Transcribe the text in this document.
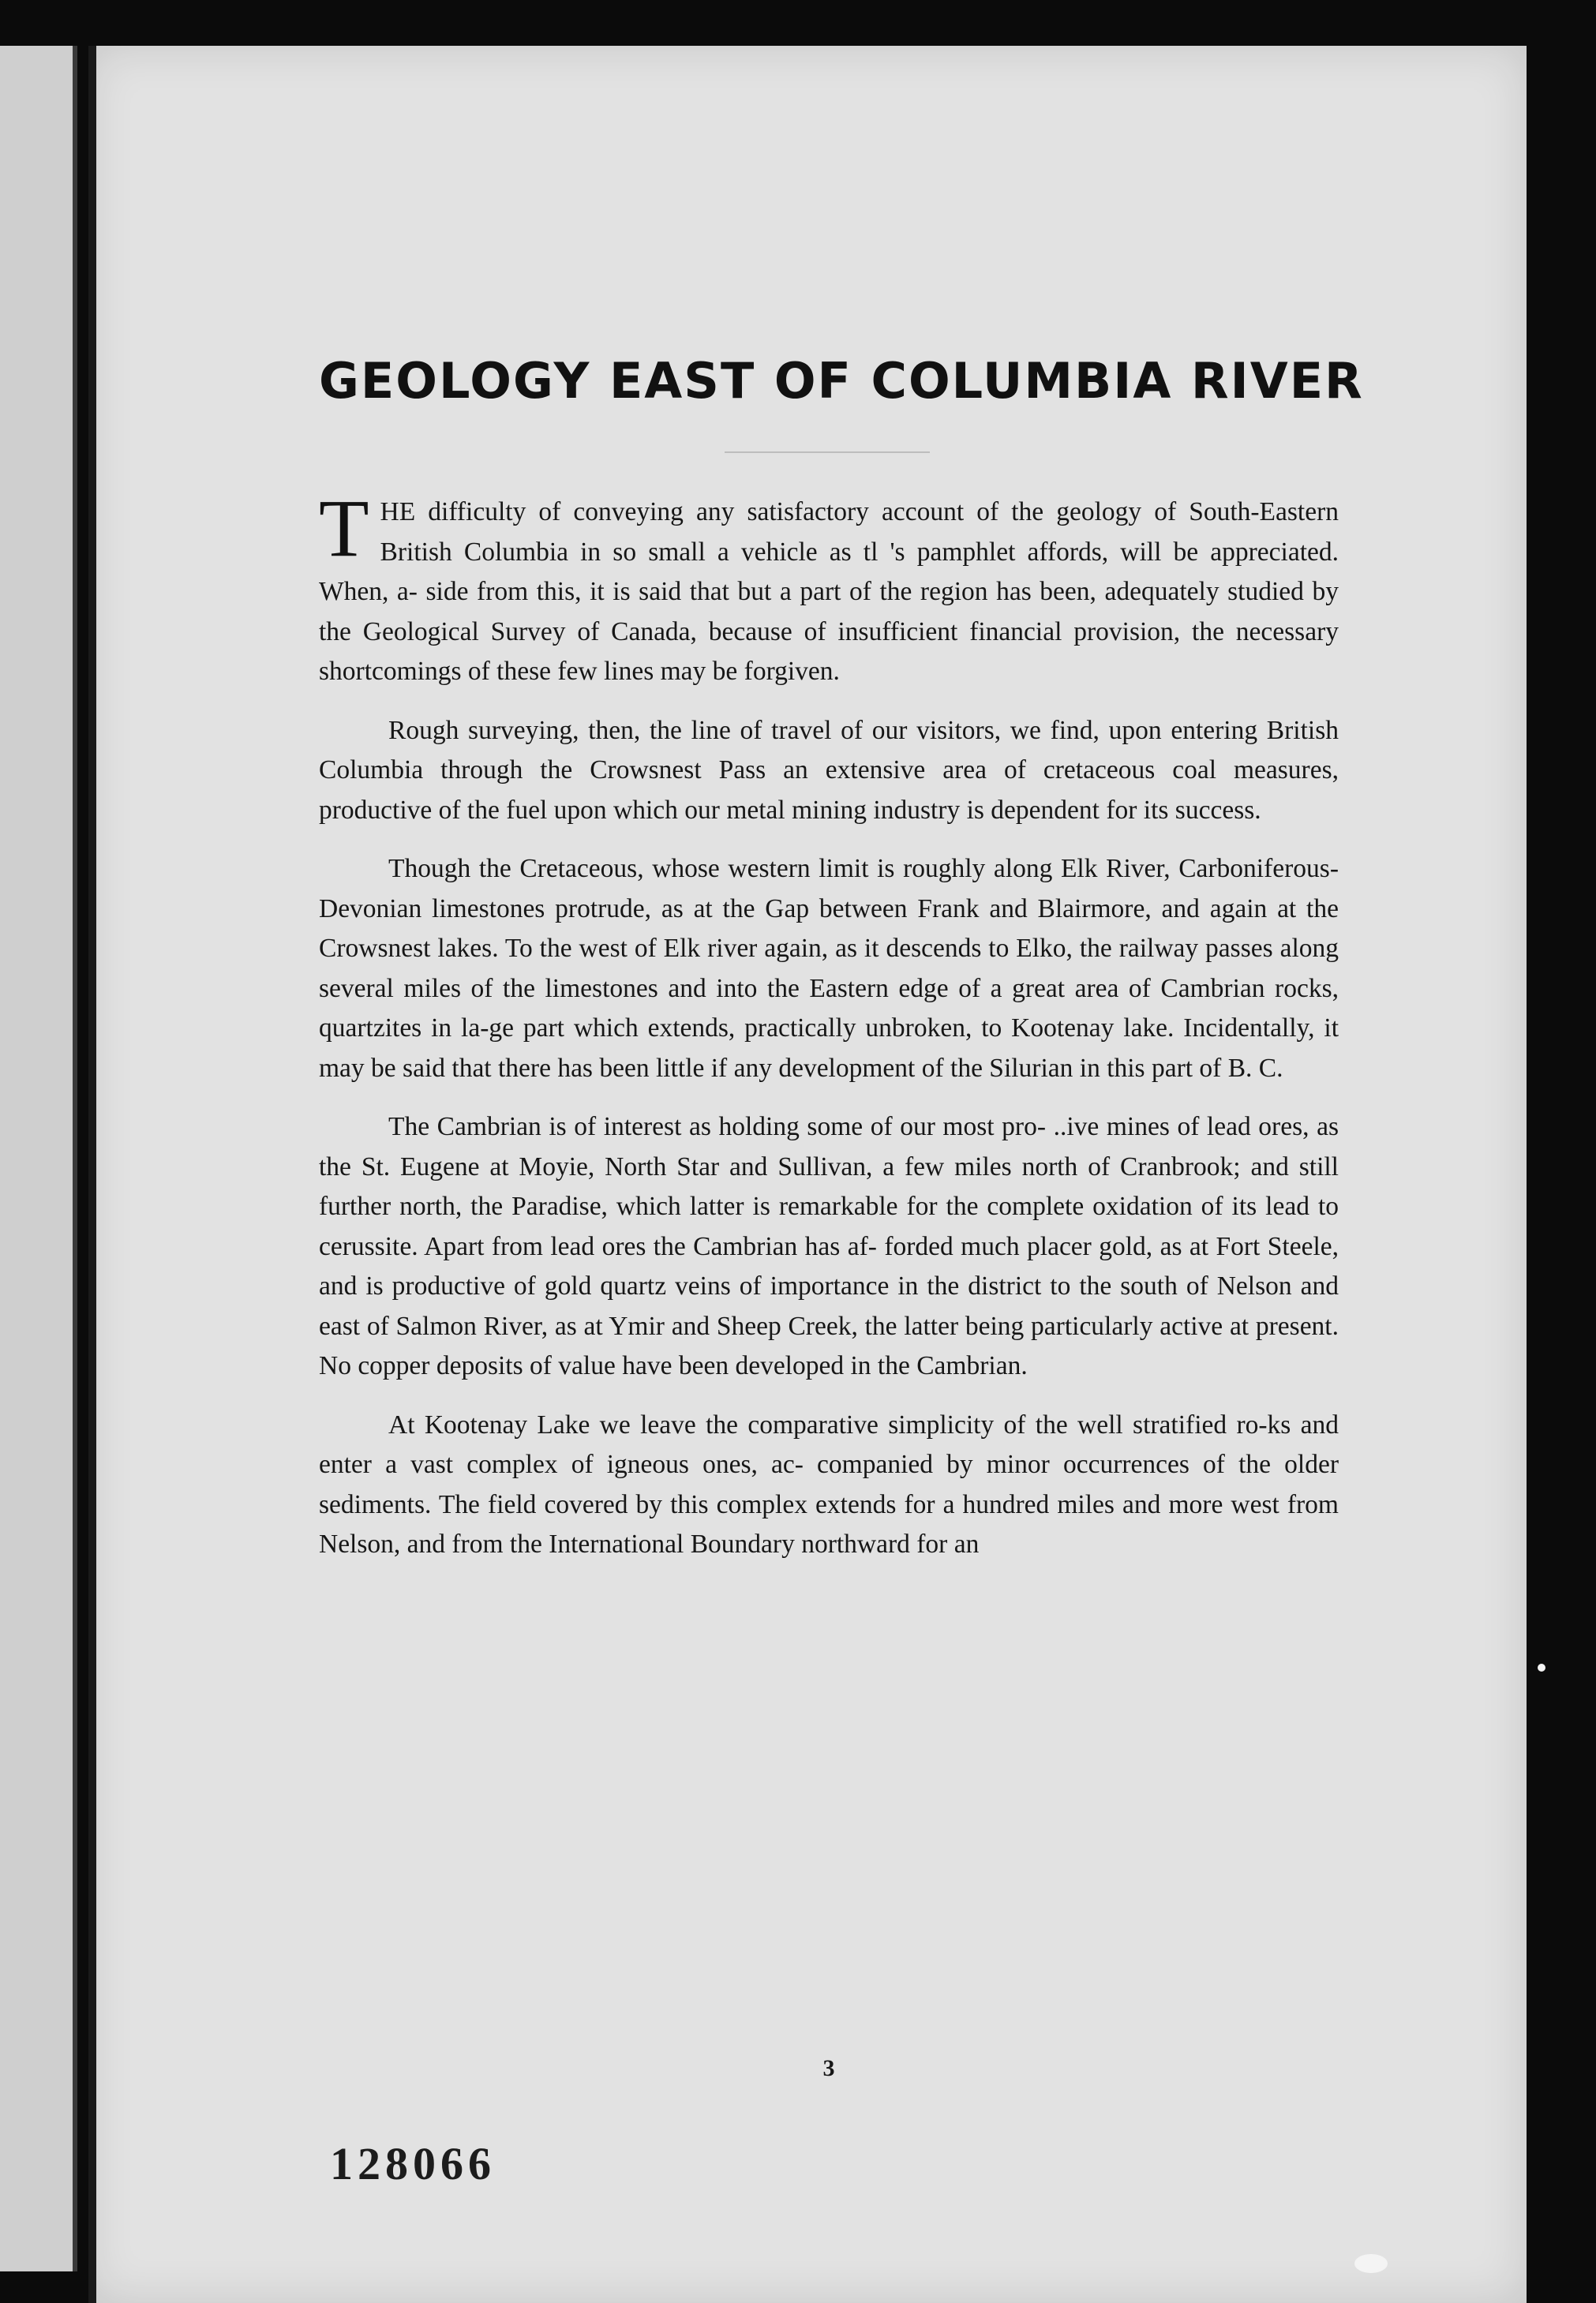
GEOLOGY EAST OF COLUMBIA RIVER

THE difficulty of conveying any satisfactory account of the geology of South-Eastern British Columbia in so small a vehicle as tl 's pamphlet affords, will be appreciated. When, a- side from this, it is said that but a part of the region has been, adequately studied by the Geological Survey of Canada, because of insufficient financial provision, the necessary shortcomings of these few lines may be forgiven.

Rough surveying, then, the line of travel of our visitors, we find, upon entering British Columbia through the Crowsnest Pass an extensive area of cretaceous coal measures, productive of the fuel upon which our metal mining industry is dependent for its success.

Though the Cretaceous, whose western limit is roughly along Elk River, Carboniferous-Devonian limestones protrude, as at the Gap between Frank and Blairmore, and again at the Crowsnest lakes. To the west of Elk river again, as it descends to Elko, the railway passes along several miles of the limestones and into the Eastern edge of a great area of Cambrian rocks, quartzites in la-ge part which extends, practically unbroken, to Kootenay lake. Incidentally, it may be said that there has been little if any development of the Silurian in this part of B. C.

The Cambrian is of interest as holding some of our most pro- ..ive mines of lead ores, as the St. Eugene at Moyie, North Star and Sullivan, a few miles north of Cranbrook; and still further north, the Paradise, which latter is remarkable for the complete oxidation of its lead to cerussite. Apart from lead ores the Cambrian has af- forded much placer gold, as at Fort Steele, and is productive of gold quartz veins of importance in the district to the south of Nelson and east of Salmon River, as at Ymir and Sheep Creek, the latter being particularly active at present. No copper deposits of value have been developed in the Cambrian.

At Kootenay Lake we leave the comparative simplicity of the well stratified ro-ks and enter a vast complex of igneous ones, ac- companied by minor occurrences of the older sediments. The field covered by this complex extends for a hundred miles and more west from Nelson, and from the International Boundary northward for an

3
128066
